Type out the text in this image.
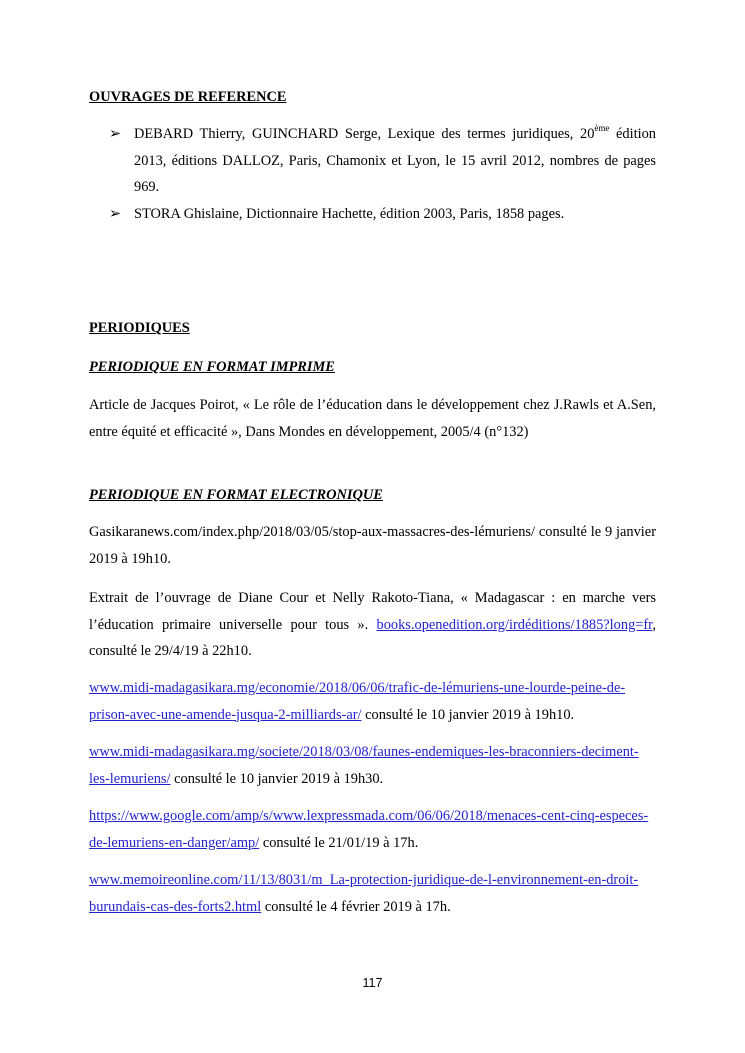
OUVRAGES DE REFERENCE

➢ DEBARD Thierry, GUINCHARD Serge, Lexique des termes juridiques, 20ème édition 2013, éditions DALLOZ, Paris, Chamonix et Lyon, le 15 avril 2012, nombres de pages 969.
➢ STORA Ghislaine, Dictionnaire Hachette, édition 2003, Paris, 1858 pages.

PERIODIQUES

PERIODIQUE EN FORMAT IMPRIME

Article de Jacques Poirot, « Le rôle de l’éducation dans le développement chez J.Rawls et A.Sen, entre équité et efficacité », Dans Mondes en développement, 2005/4 (n°132)

PERIODIQUE EN FORMAT ELECTRONIQUE

Gasikaranews.com/index.php/2018/03/05/stop-aux-massacres-des-lémuriens/ consulté le 9 janvier 2019 à 19h10.

Extrait de l’ouvrage de Diane Cour et Nelly Rakoto-Tiana, « Madagascar : en marche vers l’éducation primaire universelle pour tous ». books.openedition.org/irdéditions/1885?long=fr, consulté le 29/4/19 à 22h10.

www.midi-madagasikara.mg/economie/2018/06/06/trafic-de-lémuriens-une-lourde-peine-de-prison-avec-une-amende-jusqua-2-milliards-ar/ consulté le 10 janvier 2019 à 19h10.

www.midi-madagasikara.mg/societe/2018/03/08/faunes-endemiques-les-braconniers-deciment-les-lemuriens/ consulté le 10 janvier 2019 à 19h30.

https://www.google.com/amp/s/www.lexpressmada.com/06/06/2018/menaces-cent-cinq-especes-de-lemuriens-en-danger/amp/ consulté le 21/01/19 à 17h.

www.memoireonline.com/11/13/8031/m_La-protection-juridique-de-l-environnement-en-droit-burundais-cas-des-forts2.html consulté le 4 février 2019 à 17h.

117
